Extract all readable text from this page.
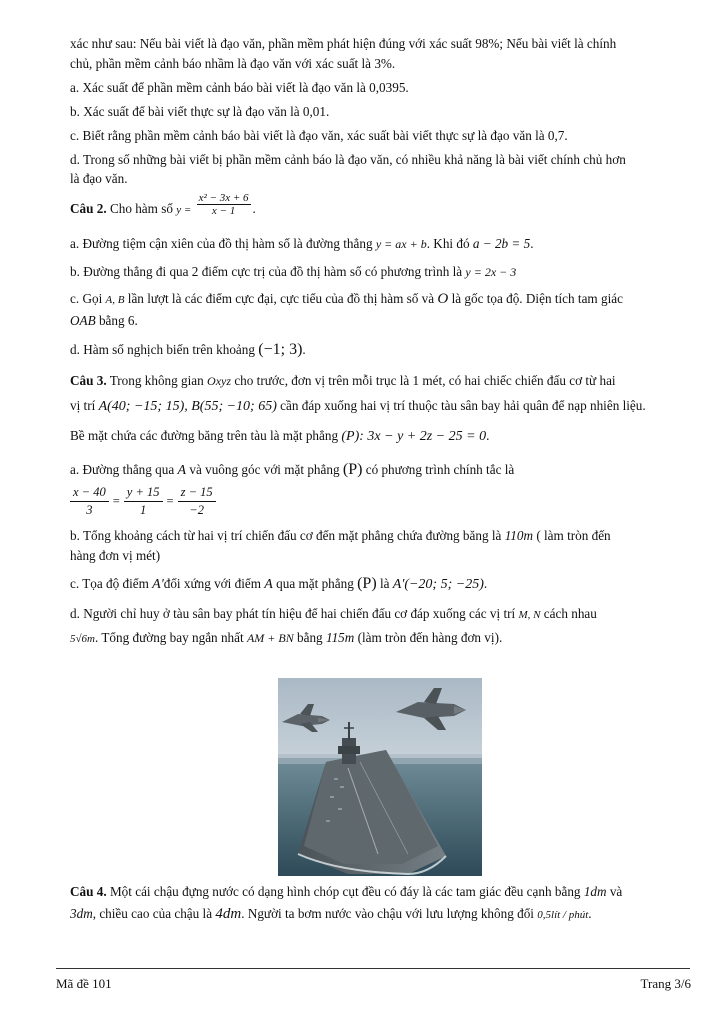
xác như sau: Nếu bài viết là đạo văn, phần mềm phát hiện đúng với xác suất 98%; Nếu bài viết là chính
chủ, phần mềm cảnh báo nhầm là đạo văn với xác suất là 3%.
a. Xác suất để phần mềm cảnh báo bài viết là đạo văn là 0,0395.
b. Xác suất để bài viết thực sự là đạo văn là 0,01.
c. Biết rằng phần mềm cảnh báo bài viết là đạo văn, xác suất bài viết thực sự là đạo văn là 0,7.
d. Trong số những bài viết bị phần mềm cảnh báo là đạo văn, có nhiều khả năng là bài viết chính chủ hơn
là đạo văn.
Câu 2. Cho hàm số $y = \frac{\text{x² − 3x + 6}}{x - 1}$ .
a. Đường tiệm cận xiên của đồ thị hàm số là đường thẳng y = ax + b. Khi đó a − 2b = 5.
b. Đường thẳng đi qua 2 điểm cực trị của đồ thị hàm số có phương trình là y = 2x − 3
c. Gọi A, B lần lượt là các điểm cực đại, cực tiểu của đồ thị hàm số và O là gốc tọa độ. Diện tích tam giác
OAB bằng 6.
d. Hàm số nghịch biến trên khoảng (−1; 3).
Câu 3. Trong không gian Oxyz cho trước, đơn vị trên mỗi trục là 1 mét, có hai chiếc chiến đấu cơ từ hai
vị trí A(40; −15; 15), B(55; −10; 65) cần đáp xuống hai vị trí thuộc tàu sân bay hải quân để nạp nhiên liệu.
Bề mặt chứa các đường băng trên tàu là mặt phẳng (P): 3x − y + 2z − 25 = 0.
a. Đường thẳng qua A và vuông góc với mặt phẳng (P) có phương trình chính tắc là
$\frac{x - 40}{3} = \frac{y + 15}{1} = \frac{z - 15}{-2}$
b. Tổng khoảng cách từ hai vị trí chiến đấu cơ đến mặt phẳng chứa đường băng là 110m ( làm tròn đến
hàng đơn vị mét)
c. Tọa độ điểm A'đối xứng với điểm A qua mặt phẳng (P) là A'(−20; 5; −25).
d. Người chỉ huy ở tàu sân bay phát tín hiệu để hai chiến đấu cơ đáp xuống các vị trí M, N cách nhau
5√6m. Tổng đường bay ngắn nhất AM + BN bằng 115m (làm tròn đến hàng đơn vị).
Câu 4. Một cái chậu đựng nước có dạng hình chóp cụt đều có đáy là các tam giác đều cạnh bằng 1dm và
3dm, chiều cao của chậu là 4dm. Người ta bơm nước vào chậu với lưu lượng không đổi 0,5lít / phút.
Mã đề 101	Trang 3/6
